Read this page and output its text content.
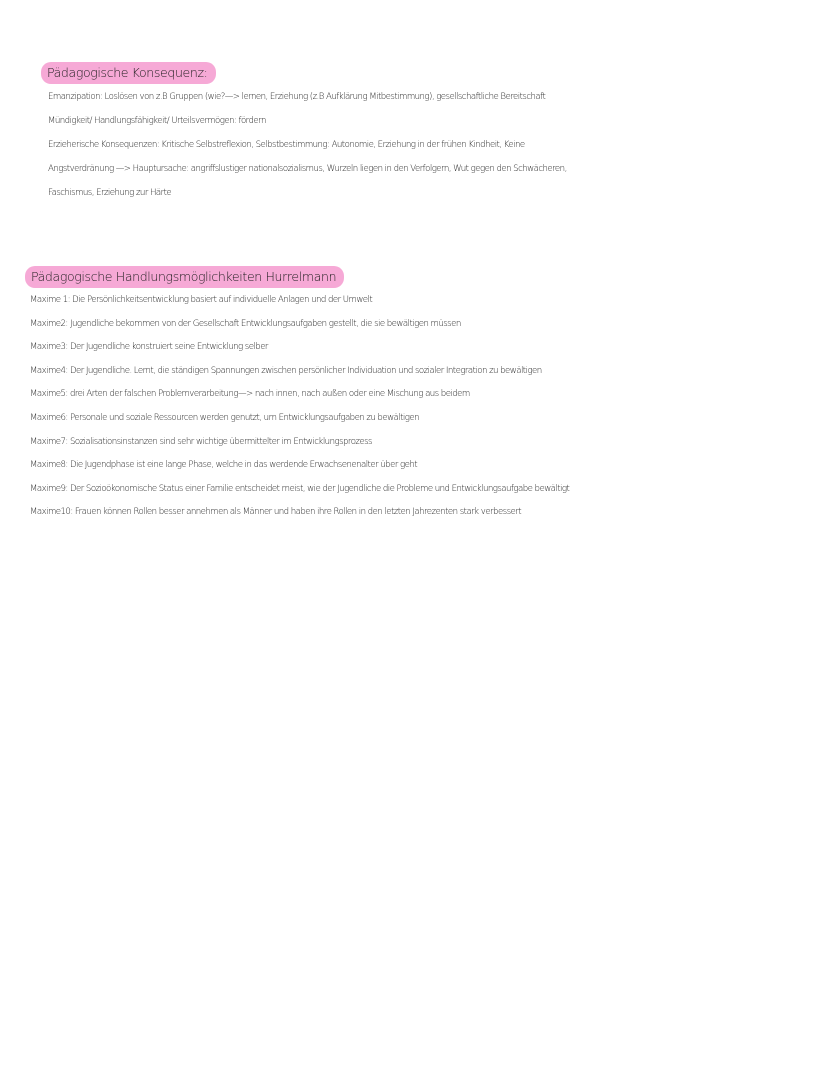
Pädagogische Konsequenz:
Emanzipation: Loslösen von z.B Gruppen (wie?—> lernen, Erziehung (z.B Aufklärung Mitbestimmung), gesellschaftliche Bereitschaft
Mündigkeit/ Handlungsfähigkeit/ Urteilsvermögen: fördern
Erzieherische Konsequenzen: Kritische Selbstreflexion, Selbstbestimmung: Autonomie, Erziehung in der frühen Kindheit, Keine
Angstverdränung —> Hauptursache: angriffslustiger nationalsozialismus, Wurzeln liegen in den Verfolgern, Wut gegen den Schwächeren,
Faschismus, Erziehung zur Härte
Pädagogische Handlungsmöglichkeiten Hurrelmann
Maxime 1: Die Persönlichkeitsentwicklung basiert auf individuelle Anlagen und der Umwelt
Maxime2: Jugendliche bekommen von der Gesellschaft Entwicklungsaufgaben gestellt, die sie bewältigen müssen
Maxime3: Der Jugendliche konstruiert seine Entwicklung selber
Maxime4: Der Jugendliche. Lernt, die ständigen Spannungen zwischen persönlicher Individuation und sozialer Integration zu bewältigen
Maxime5: drei Arten der falschen Problemverarbeitung—> nach innen, nach außen oder eine Mischung aus beidem
Maxime6: Personale und soziale Ressourcen werden genutzt, um Entwicklungsaufgaben zu bewältigen
Maxime7: Sozialisationsinstanzen sind sehr wichtige übermittelter im Entwicklungsprozess
Maxime8: Die Jugendphase ist eine lange Phase, welche in das werdende Erwachsenenalter über geht
Maxime9: Der Sozioökonomische Status einer Familie entscheidet meist, wie der Jugendliche die Probleme und Entwicklungsaufgabe bewältigt
Maxime10: Frauen können Rollen besser annehmen als Männer und haben ihre Rollen in den letzten Jahrezenten stark verbessert
